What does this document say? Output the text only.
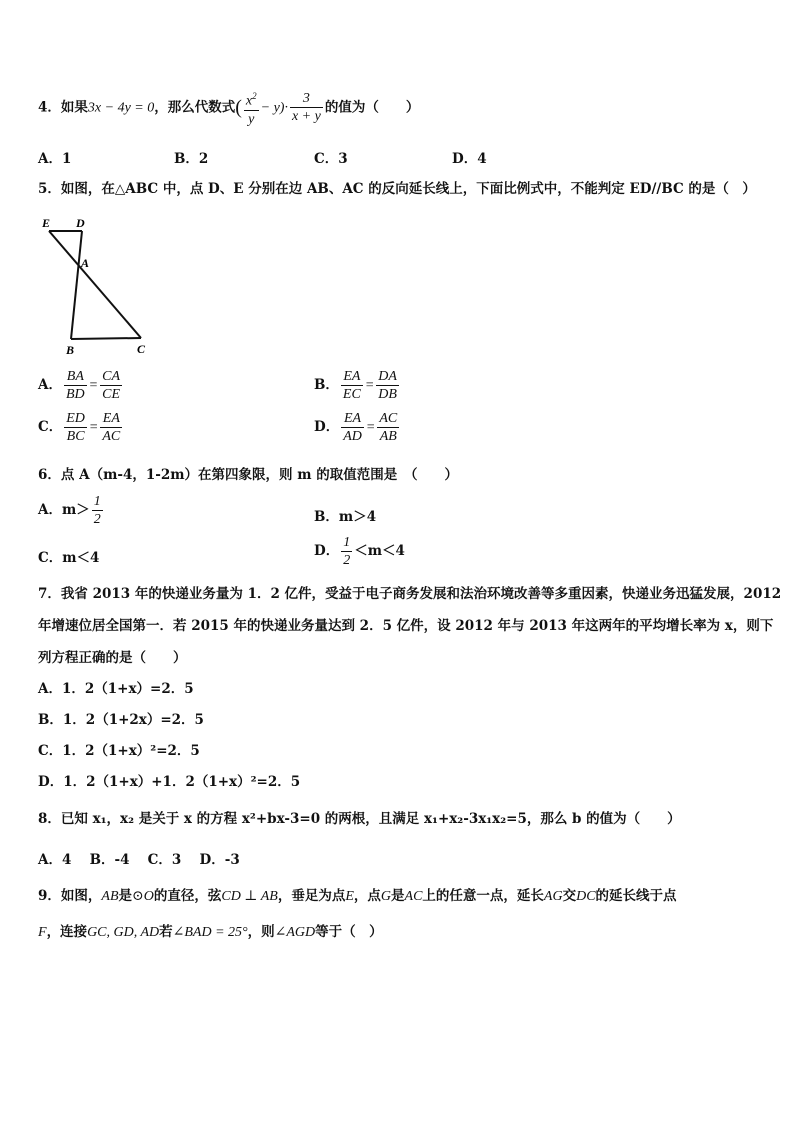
4．如果3x − 4y = 0，那么代数式( $\frac{x^2}{y} - y)\cdot \frac{3}{x + y}$ 的值为（　　）
A．1	B．2	C．3	D．4
5．如图，在△ABC 中，点 D、E 分别在边 AB、AC 的反向延长线上，下面比例式中，不能判定 ED//BC 的是（　）
E D
A
B	C
A． $\frac{BA}{BD} = \frac{CA}{CE}$	B． $\frac{EA}{EC} = \frac{DA}{DB}$
C． $\frac{ED}{BC} = \frac{EA}{AC}$	D． $\frac{EA}{AD} = \frac{AC}{AB}$
6．点 A（m-4，1-2m）在第四象限，则 m 的取值范围是　（　　）
A．$m> \frac{1}{2}$	B．m＞4
C．m＜4	D． $\frac{1}{2} <m<4$
7．我省 2013 年的快递业务量为 1．2 亿件，受益于电子商务发展和法治环境改善等多重因素，快递业务迅猛发展，2012
年增速位居全国第一．若 2015 年的快递业务量达到 2．5 亿件，设 2012 年与 2013 年这两年的平均增长率为 x，则下
列方程正确的是（　　）
A．1．2（1+x）=2．5
B．1．2（1+2x）=2．5
C．1．2（1+x）²=2．5
D．1．2（1+x）+1．2（1+x）²=2．5
8．已知 x₁，x₂ 是关于 x 的方程 x²+bx-3=0 的两根，且满足 x₁+x₂-3x₁x₂=5，那么 b 的值为（　　）
A．4　 B．-4　 C．3　 D．-3
9．如图，AB是⊙O的直径，弦CD ⊥ AB，垂足为点E，点G是AC上的任意一点，延长AG交DC的延长线于点
F，连接GC, GD, AD若∠BAD = 25°，则∠AGD等于（　）
